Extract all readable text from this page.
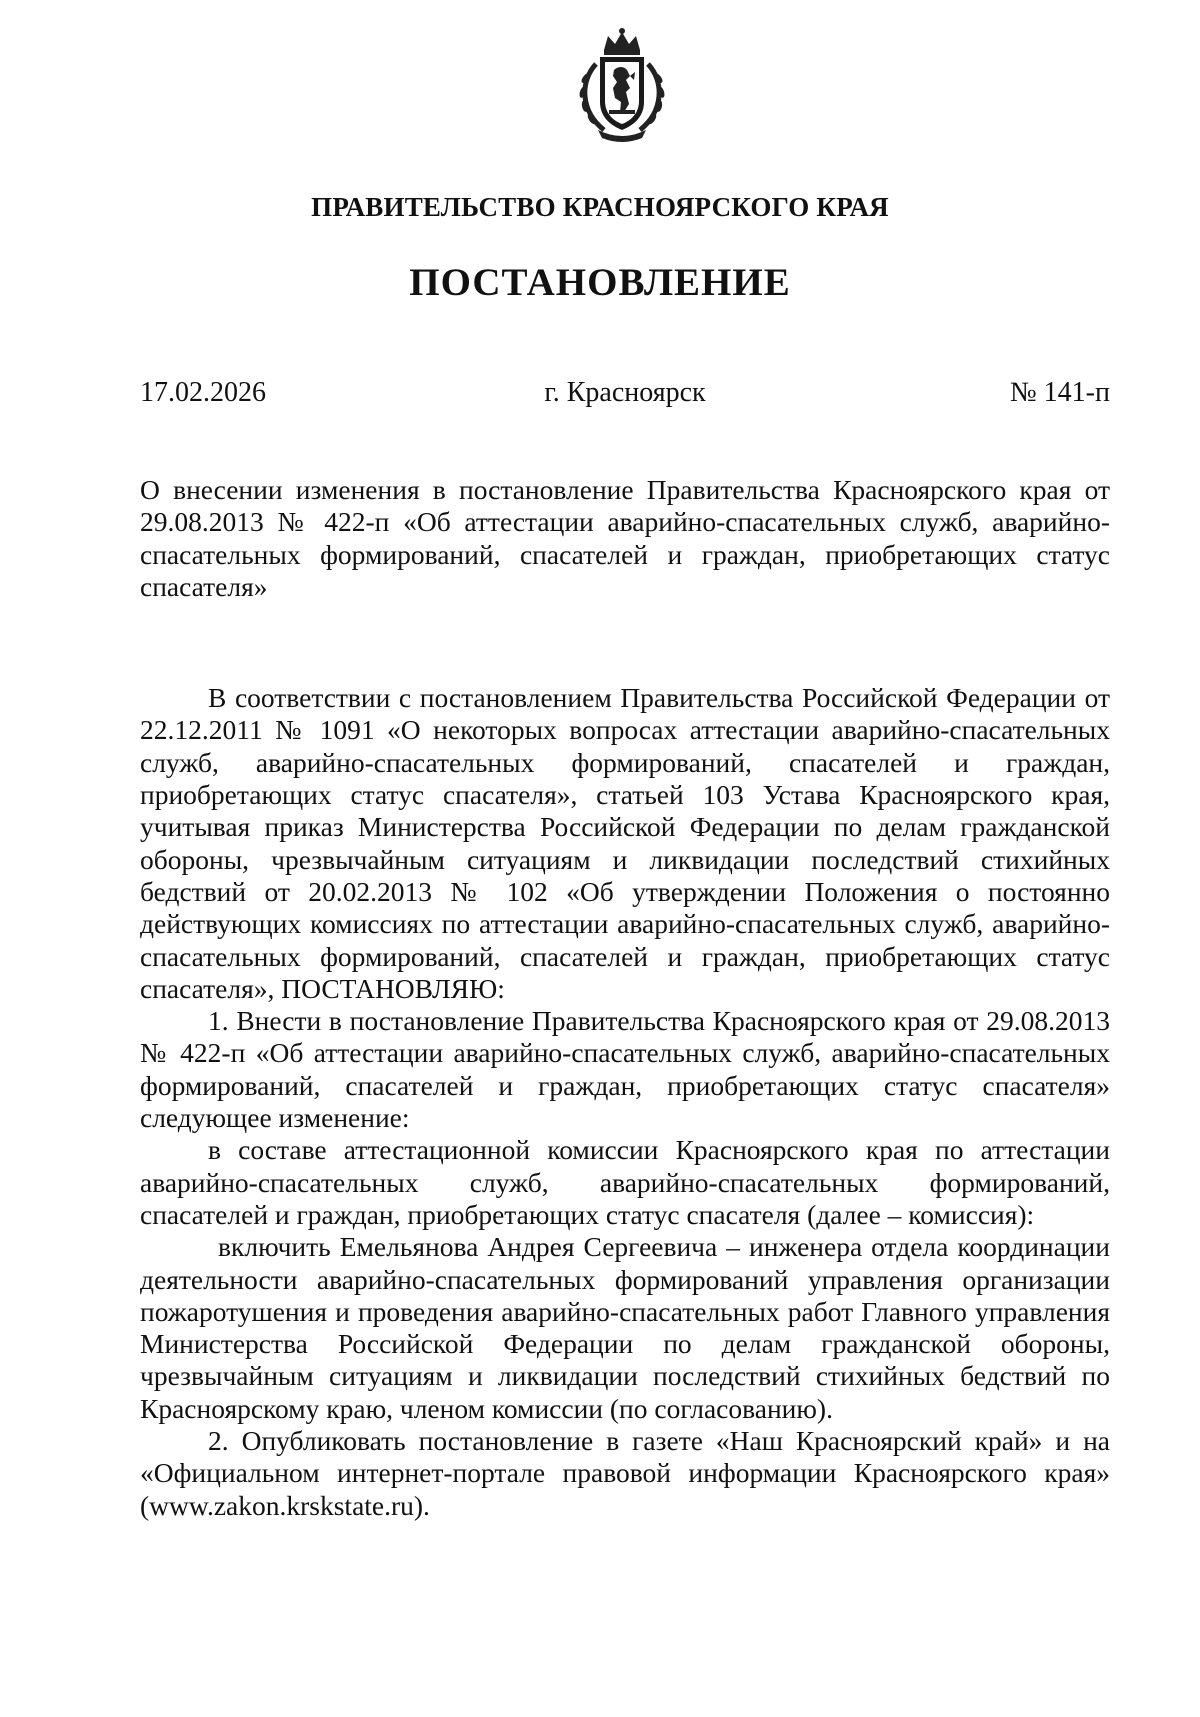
ПРАВИТЕЛЬСТВО КРАСНОЯРСКОГО КРАЯ
ПОСТАНОВЛЕНИЕ
17.02.2026	г. Красноярск	№ 141-п

О внесении изменения в постановление Правительства Красноярского края от 29.08.2013 № 422-п «Об аттестации аварийно-спасательных служб, аварийно-спасательных формирований, спасателей и граждан, приобретающих статус спасателя»

В соответствии с постановлением Правительства Российской Федерации от 22.12.2011 № 1091 «О некоторых вопросах аттестации аварийно-спасательных служб, аварийно-спасательных формирований, спасателей и граждан, приобретающих статус спасателя», статьей 103 Устава Красноярского края, учитывая приказ Министерства Российской Федерации по делам гражданской обороны, чрезвычайным ситуациям и ликвидации последствий стихийных бедствий от 20.02.2013 № 102 «Об утверждении Положения о постоянно действующих комиссиях по аттестации аварийно-спасательных служб, аварийно-спасательных формирований, спасателей и граждан, приобретающих статус спасателя», ПОСТАНОВЛЯЮ:

1. Внести в постановление Правительства Красноярского края от 29.08.2013 № 422-п «Об аттестации аварийно-спасательных служб, аварийно-спасательных формирований, спасателей и граждан, приобретающих статус спасателя» следующее изменение:

в составе аттестационной комиссии Красноярского края по аттестации аварийно-спасательных служб, аварийно-спасательных формирований, спасателей и граждан, приобретающих статус спасателя (далее – комиссия):

включить Емельянова Андрея Сергеевича – инженера отдела координации деятельности аварийно-спасательных формирований управления организации пожаротушения и проведения аварийно-спасательных работ Главного управления Министерства Российской Федерации по делам гражданской обороны, чрезвычайным ситуациям и ликвидации последствий стихийных бедствий по Красноярскому краю, членом комиссии (по согласованию).

2. Опубликовать постановление в газете «Наш Красноярский край» и на «Официальном интернет-портале правовой информации Красноярского края» (www.zakon.krskstate.ru).
